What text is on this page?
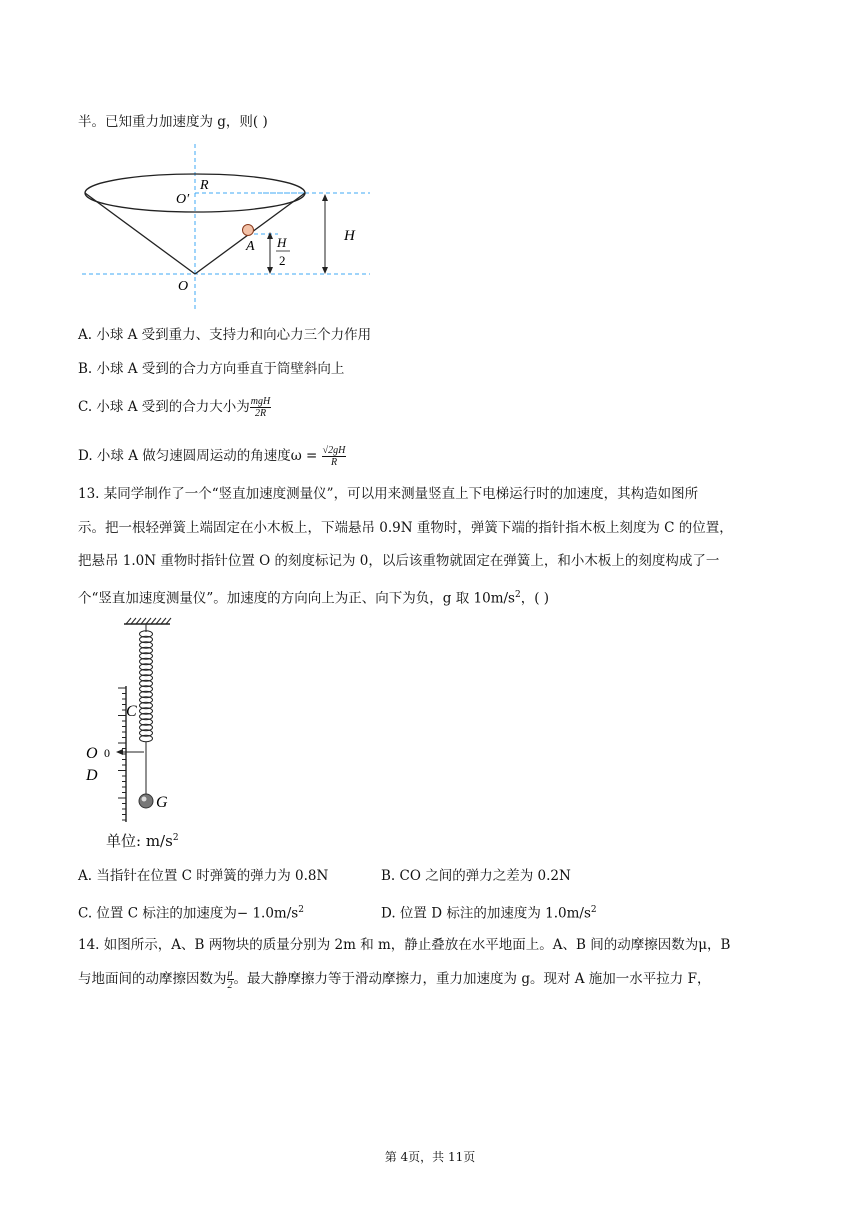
半。已知重力加速度为 g，则( )
R
O′
A H
2
H
O
A. 小球 A 受到重力、支持力和向心力三个力作用
B. 小球 A 受到的合力方向垂直于筒壁斜向上
C. 小球 A 受到的合力大小为 $\frac{\text{mgH}}{2R}$
D. 小球 A 做匀速圆周运动的角速度$\omega = \frac{√2gH}{R}$
13. 某同学制作了一个“竖直加速度测量仪”，可以用来测量竖直上下电梯运行时的加速度，其构造如图所
示。把一根轻弹簧上端固定在小木板上，下端悬吊 0.9N 重物时，弹簧下端的指针指木板上刻度为 C 的位置，
把悬吊 1.0N 重物时指针位置 O 的刻度标记为 0，以后该重物就固定在弹簧上，和小木板上的刻度构成了一
个“竖直加速度测量仪”。加速度的方向向上为正、向下为负，g 取 $10m/s^2$，( )
C
O 0
D
G
单位: $m/s^2$
A. 当指针在位置 C 时弹簧的弹力为 0.8N	B. CO 之间的弹力之差为 0.2N
C. 位置 C 标注的加速度为− $1.0m/s^2$	D. 位置 D 标注的加速度为 $1.0m/s^2$
14. 如图所示，A、B 两物块的质量分别为 2m 和 m，静止叠放在水平地面上。A、B 间的动摩擦因数为μ，B
与地面间的动摩擦因数为 $\frac{\mu}{2}$ 。最大静摩擦力等于滑动摩擦力，重力加速度为 g。现对 A 施加一水平拉力 F，
第 4页，共 11页
